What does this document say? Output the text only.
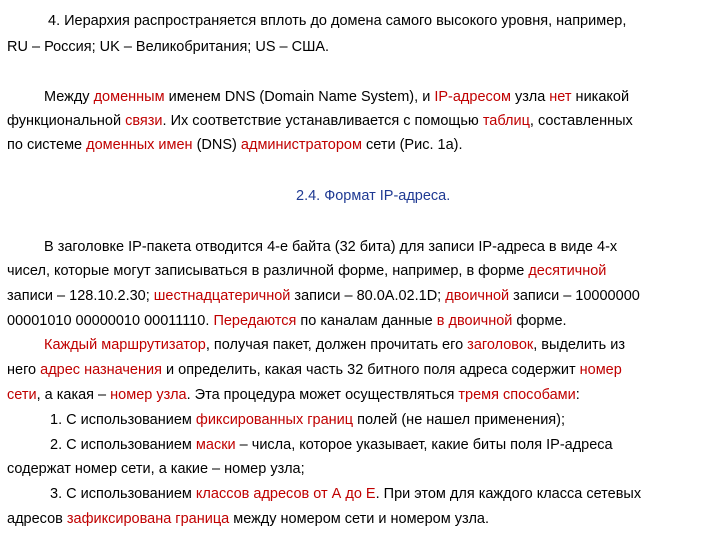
4. Иерархия распространяется вплоть до домена самого высокого уровня, например,
RU – Россия; UK – Великобритания; US – США.
Между доменным именем DNS (Domain Name System), и IP-адресом узла нет никакой
функциональной связи. Их соответствие устанавливается с помощью таблиц, составленных
по системе доменных имен (DNS) администратором сети (Рис. 1а).
2.4. Формат IP-адреса.
В заголовке IP-пакета отводится 4-е байта (32 бита) для записи IP-адреса в виде 4-х
чисел, которые могут записываться в различной форме, например, в форме десятичной
записи – 128.10.2.30; шестнадцатеричной записи – 80.0A.02.1D; двоичной записи – 10000000
00001010 00000010 00011110. Передаются по каналам данные в двоичной форме.
Каждый маршрутизатор, получая пакет, должен прочитать его заголовок, выделить из
него адрес назначения и определить, какая часть 32 битного поля адреса содержит номер
сети, а какая – номер узла. Эта процедура может осуществляться тремя способами:
1. С использованием фиксированных границ полей (не нашел применения);
2. С использованием маски – числа, которое указывает, какие биты поля IP-адреса
содержат номер сети, а какие – номер узла;
3. С использованием классов адресов от А до Е. При этом для каждого класса сетевых
адресов зафиксирована граница между номером сети и номером узла.
